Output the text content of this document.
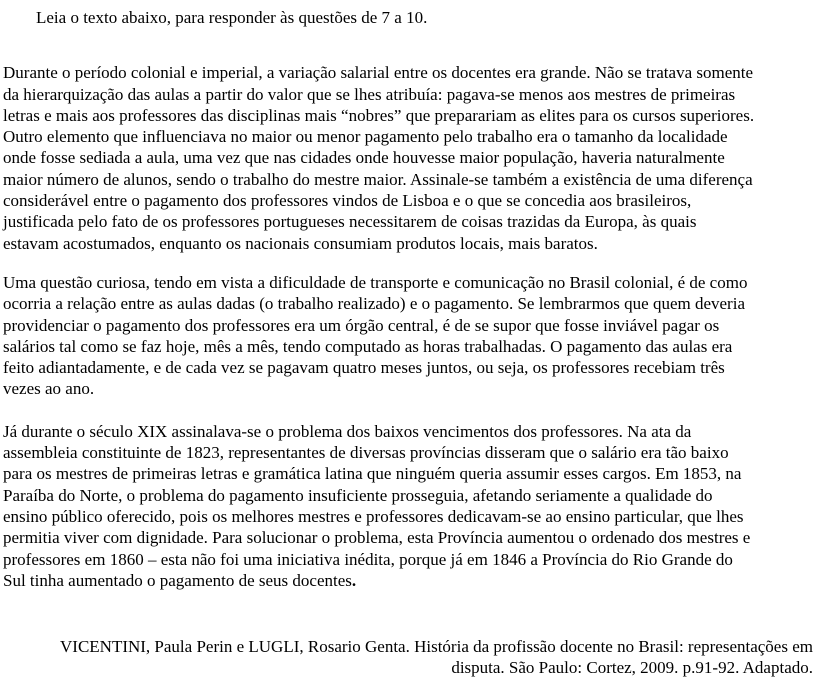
Leia o texto abaixo, para responder às questões de 7 a 10.

Durante o período colonial e imperial, a variação salarial entre os docentes era grande. Não se tratava somente
da hierarquização das aulas a partir do valor que se lhes atribuía: pagava-se menos aos mestres de primeiras
letras e mais aos professores das disciplinas mais “nobres” que preparariam as elites para os cursos superiores.
Outro elemento que influenciava no maior ou menor pagamento pelo trabalho era o tamanho da localidade
onde fosse sediada a aula, uma vez que nas cidades onde houvesse maior população, haveria naturalmente
maior número de alunos, sendo o trabalho do mestre maior. Assinale-se também a existência de uma diferença
considerável entre o pagamento dos professores vindos de Lisboa e o que se concedia aos brasileiros,
justificada pelo fato de os professores portugueses necessitarem de coisas trazidas da Europa, às quais
estavam acostumados, enquanto os nacionais consumiam produtos locais, mais baratos.
Uma questão curiosa, tendo em vista a dificuldade de transporte e comunicação no Brasil colonial, é de como
ocorria a relação entre as aulas dadas (o trabalho realizado) e o pagamento. Se lembrarmos que quem deveria
providenciar o pagamento dos professores era um órgão central, é de se supor que fosse inviável pagar os
salários tal como se faz hoje, mês a mês, tendo computado as horas trabalhadas. O pagamento das aulas era
feito adiantadamente, e de cada vez se pagavam quatro meses juntos, ou seja, os professores recebiam três
vezes ao ano.
Já durante o século XIX assinalava-se o problema dos baixos vencimentos dos professores. Na ata da
assembleia constituinte de 1823, representantes de diversas províncias disseram que o salário era tão baixo
para os mestres de primeiras letras e gramática latina que ninguém queria assumir esses cargos. Em 1853, na
Paraíba do Norte, o problema do pagamento insuficiente prosseguia, afetando seriamente a qualidade do
ensino público oferecido, pois os melhores mestres e professores dedicavam-se ao ensino particular, que lhes
permitia viver com dignidade. Para solucionar o problema, esta Província aumentou o ordenado dos mestres e
professores em 1860 – esta não foi uma iniciativa inédita, porque já em 1846 a Província do Rio Grande do
Sul tinha aumentado o pagamento de seus docentes.
VICENTINI, Paula Perin e LUGLI, Rosario Genta. História da profissão docente no Brasil: representações em
disputa. São Paulo: Cortez, 2009. p.91-92. Adaptado.
